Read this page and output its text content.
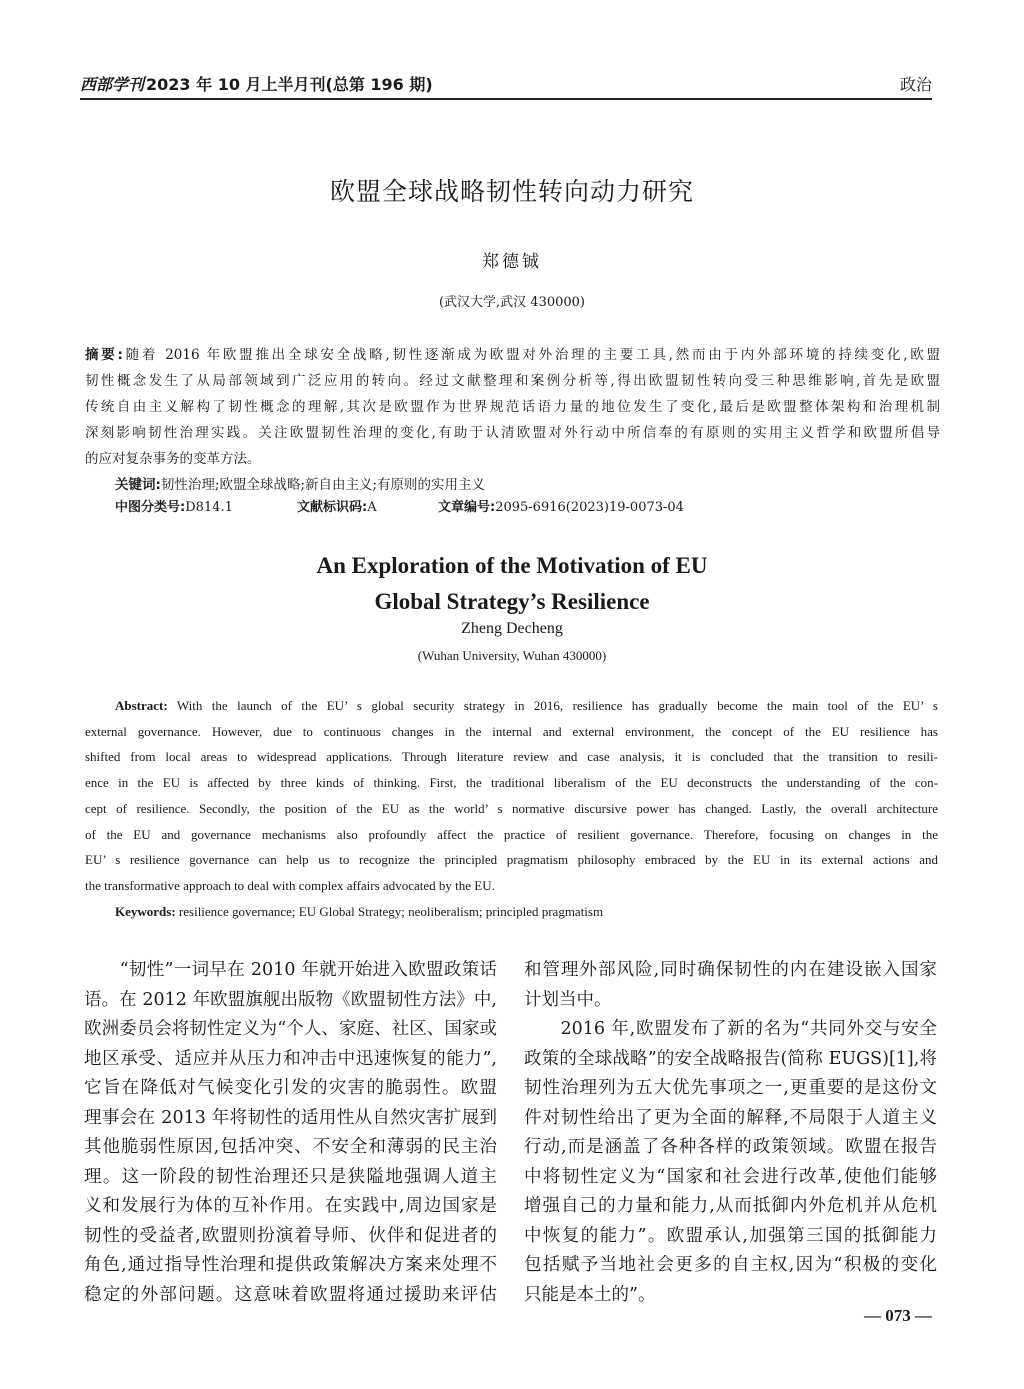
西部学刊 2023 年 10 月上半月刊(总第 196 期)	政治
欧盟全球战略韧性转向动力研究
郑德铖
(武汉大学,武汉 430000)
摘要:随着 2016 年欧盟推出全球安全战略,韧性逐渐成为欧盟对外治理的主要工具,然而由于内外部环境的持续变化,欧盟
韧性概念发生了从局部领域到广泛应用的转向。经过文献整理和案例分析等,得出欧盟韧性转向受三种思维影响,首先是欧盟
传统自由主义解构了韧性概念的理解,其次是欧盟作为世界规范话语力量的地位发生了变化,最后是欧盟整体架构和治理机制
深刻影响韧性治理实践。关注欧盟韧性治理的变化,有助于认清欧盟对外行动中所信奉的有原则的实用主义哲学和欧盟所倡导
的应对复杂事务的变革方法。
关键词:韧性治理;欧盟全球战略;新自由主义;有原则的实用主义
中图分类号:D814.1	文献标识码:A	文章编号:2095-6916(2023)19-0073-04
An Exploration of the Motivation of EU
Global Strategy’s Resilience
Zheng Decheng
(Wuhan University, Wuhan 430000)
Abstract: With the launch of the EU’ s global security strategy in 2016, resilience has gradually become the main tool of the EU’ s
external governance. However, due to continuous changes in the internal and external environment, the concept of the EU resilience has
shifted from local areas to widespread applications. Through literature review and case analysis, it is concluded that the transition to resili-
ence in the EU is affected by three kinds of thinking. First, the traditional liberalism of the EU deconstructs the understanding of the con-
cept of resilience. Secondly, the position of the EU as the world’ s normative discursive power has changed. Lastly, the overall architecture
of the EU and governance mechanisms also profoundly affect the practice of resilient governance. Therefore, focusing on changes in the
EU’ s resilience governance can help us to recognize the principled pragmatism philosophy embraced by the EU in its external actions and
the transformative approach to deal with complex affairs advocated by the EU.
Keywords: resilience governance; EU Global Strategy; neoliberalism; principled pragmatism
　　“韧性”一词早在 2010 年就开始进入欧盟政策话
语。在 2012 年欧盟旗舰出版物《欧盟韧性方法》中,
欧洲委员会将韧性定义为“个人、家庭、社区、国家或
地区承受、适应并从压力和冲击中迅速恢复的能力”,
它旨在降低对气候变化引发的灾害的脆弱性。欧盟
理事会在 2013 年将韧性的适用性从自然灾害扩展到
其他脆弱性原因,包括冲突、不安全和薄弱的民主治
理。这一阶段的韧性治理还只是狭隘地强调人道主
义和发展行为体的互补作用。在实践中,周边国家是
韧性的受益者,欧盟则扮演着导师、伙伴和促进者的
角色,通过指导性治理和提供政策解决方案来处理不
稳定的外部问题。这意味着欧盟将通过援助来评估
和管理外部风险,同时确保韧性的内在建设嵌入国家
计划当中。
　　2016 年,欧盟发布了新的名为“共同外交与安全
政策的全球战略”的安全战略报告(简称 EUGS)[1],将
韧性治理列为五大优先事项之一,更重要的是这份文
件对韧性给出了更为全面的解释,不局限于人道主义
行动,而是涵盖了各种各样的政策领域。欧盟在报告
中将韧性定义为“国家和社会进行改革,使他们能够
增强自己的力量和能力,从而抵御内外危机并从危机
中恢复的能力”。欧盟承认,加强第三国的抵御能力
包括赋予当地社会更多的自主权,因为“积极的变化
只能是本土的”。
— 073 —
